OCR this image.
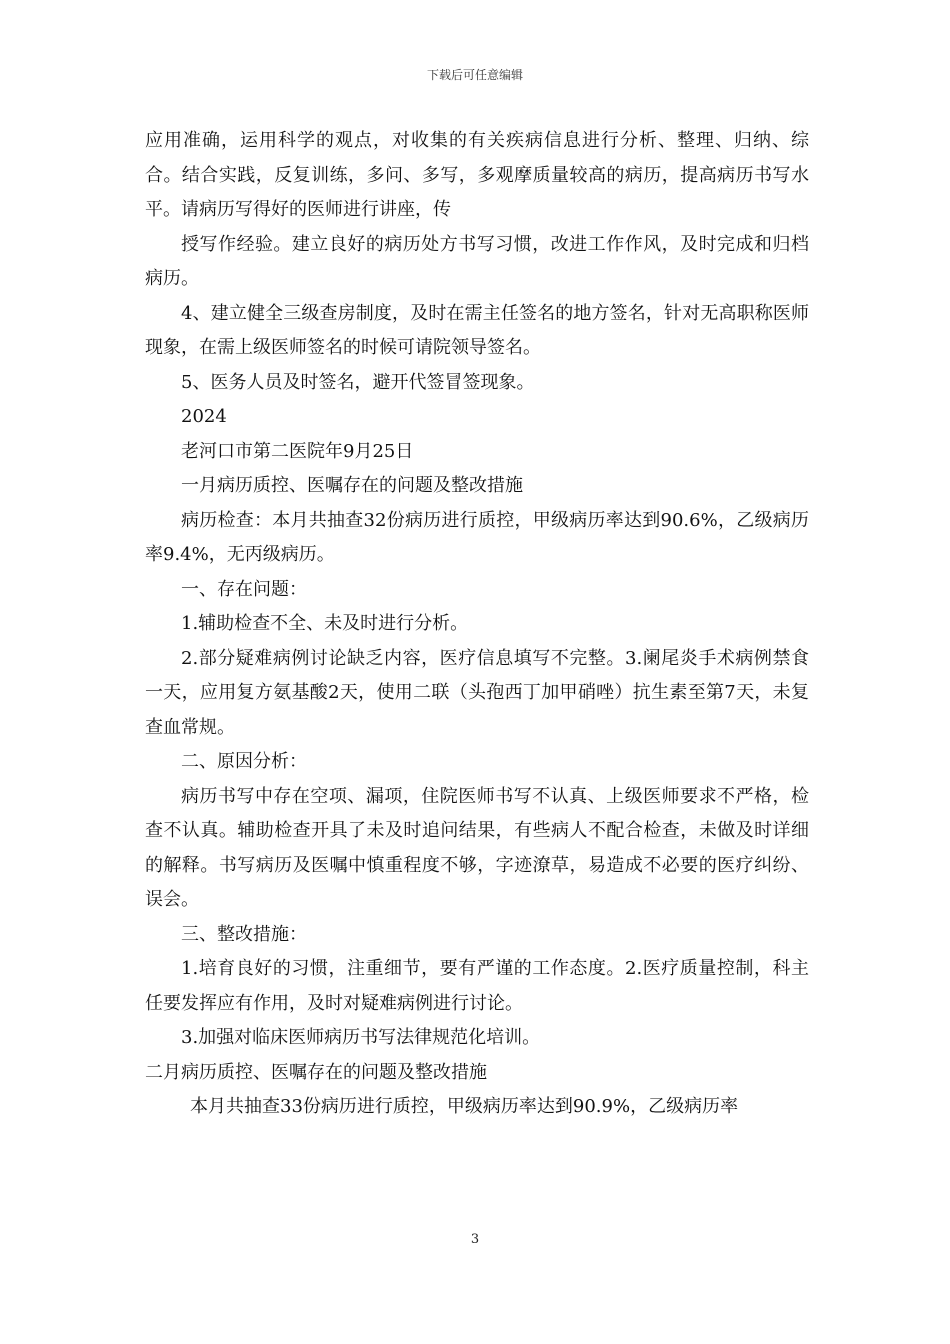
下载后可任意编辑

应用准确，运用科学的观点，对收集的有关疾病信息进行分析、整理、归纳、综合。结合实践，反复训练，多问、多写，多观摩质量较高的病历，提高病历书写水平。请病历写得好的医师进行讲座，传

授写作经验。建立良好的病历处方书写习惯，改进工作作风，及时完成和归档病历。

4、建立健全三级查房制度，及时在需主任签名的地方签名，针对无高职称医师现象，在需上级医师签名的时候可请院领导签名。

5、医务人员及时签名，避开代签冒签现象。

2024

老河口市第二医院年9月25日

一月病历质控、医嘱存在的问题及整改措施

病历检查：本月共抽查32份病历进行质控，甲级病历率达到90.6%，乙级病历率9.4%，无丙级病历。

一、存在问题：

1.辅助检查不全、未及时进行分析。

2.部分疑难病例讨论缺乏内容，医疗信息填写不完整。3.阑尾炎手术病例禁食一天，应用复方氨基酸2天，使用二联（头孢西丁加甲硝唑）抗生素至第7天，未复查血常规。

二、原因分析：

病历书写中存在空项、漏项，住院医师书写不认真、上级医师要求不严格，检查不认真。辅助检查开具了未及时追问结果，有些病人不配合检查，未做及时详细的解释。书写病历及医嘱中慎重程度不够，字迹潦草，易造成不必要的医疗纠纷、误会。

三、整改措施：

1.培育良好的习惯，注重细节，要有严谨的工作态度。2.医疗质量控制，科主任要发挥应有作用，及时对疑难病例进行讨论。

3.加强对临床医师病历书写法律规范化培训。

二月病历质控、医嘱存在的问题及整改措施

本月共抽查33份病历进行质控，甲级病历率达到90.9%，乙级病历率

3
